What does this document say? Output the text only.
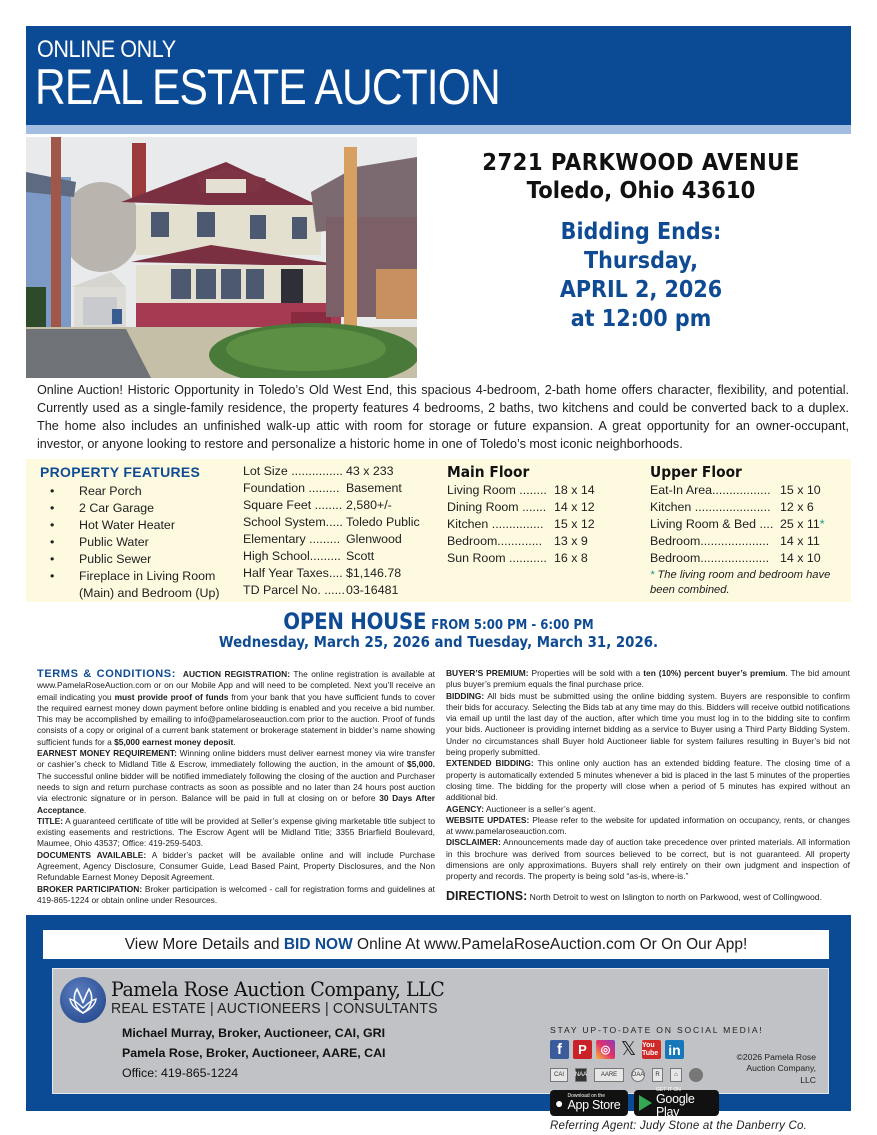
ONLINE ONLY
REAL ESTATE AUCTION
2721 PARKWOOD AVENUE
Toledo, Ohio 43610
Bidding Ends:
Thursday,
APRIL 2, 2026
at 12:00 pm

Online Auction! Historic Opportunity in Toledo’s Old West End, this spacious 4-bedroom, 2-bath home offers character, flexibility, and potential. Currently used as a single-family residence, the property features 4 bedrooms, 2 baths, two kitchens and could be converted back to a duplex. The home also includes an unfinished walk-up attic with room for storage or future expansion. A great opportunity for an owner-occupant, investor, or anyone looking to restore and personalize a historic home in one of Toledo’s most iconic neighborhoods.

PROPERTY FEATURES
• Rear Porch
• 2 Car Garage
• Hot Water Heater
• Public Water
• Public Sewer
• Fireplace in Living Room (Main) and Bedroom (Up)
Lot Size ............... 43 x 233
Foundation ......... Basement
Square Feet ........ 2,580+/-
School System..... Toledo Public
Elementary ......... Glenwood
High School......... Scott
Half Year Taxes.... $1,146.78
TD Parcel No. ...... 03-16481
Main Floor
Living Room ........ 18 x 14
Dining Room ....... 14 x 12
Kitchen ............... 15 x 12
Bedroom............. 13 x 9
Sun Room ........... 16 x 8
Upper Floor
Eat-In Area................. 15 x 10
Kitchen ...................... 12 x 6
Living Room & Bed .... 25 x 11 *
Bedroom.................... 14 x 11
Bedroom.................... 14 x 10
* The living room and bedroom have been combined.
OPEN HOUSE FROM 5:00 PM - 6:00 PM
Wednesday, March 25, 2026 and Tuesday, March 31, 2026.

TERMS & CONDITIONS: AUCTION REGISTRATION: The online registration is available at www.PamelaRoseAuction.com or on our Mobile App and will need to be completed. Next you’ll receive an email indicating you must provide proof of funds from your bank that you have sufficient funds to cover the required earnest money down payment before online bidding is enabled and you receive a bid number. This may be accomplished by emailing to info@pamelaroseauction.com prior to the auction. Proof of funds consists of a copy or original of a current bank statement or brokerage statement in bidder’s name showing sufficient funds for a $5,000 earnest money deposit.

EARNEST MONEY REQUIREMENT: Winning online bidders must deliver earnest money via wire transfer or cashier’s check to Midland Title & Escrow, immediately following the auction, in the amount of $5,000. The successful online bidder will be notified immediately following the closing of the auction and Purchaser needs to sign and return purchase contracts as soon as possible and no later than 24 hours post auction via electronic signature or in person. Balance will be paid in full at closing on or before 30 Days After Acceptance.

TITLE: A guaranteed certificate of title will be provided at Seller’s expense giving marketable title subject to existing easements and restrictions. The Escrow Agent will be Midland Title; 3355 Briarfield Boulevard, Maumee, Ohio 43537; Office: 419-259-5403.

DOCUMENTS AVAILABLE: A bidder’s packet will be available online and will include Purchase Agreement, Agency Disclosure, Consumer Guide, Lead Based Paint, Property Disclosures, and the Non Refundable Earnest Money Deposit Agreement.

BROKER PARTICIPATION: Broker participation is welcomed - call for registration forms and guidelines at 419-865-1224 or obtain online under Resources.

BUYER’S PREMIUM: Properties will be sold with a ten (10%) percent buyer’s premium. The bid amount plus buyer’s premium equals the final purchase price.

BIDDING: All bids must be submitted using the online bidding system. Buyers are responsible to confirm their bids for accuracy. Selecting the Bids tab at any time may do this. Bidders will receive outbid notifications via email up until the last day of the auction, after which time you must log in to the bidding site to confirm your bids. Auctioneer is providing internet bidding as a service to Buyer using a Third Party Bidding System. Under no circumstances shall Buyer hold Auctioneer liable for system failures resulting in Buyer’s bid not being properly submitted.

EXTENDED BIDDING: This online only auction has an extended bidding feature. The closing time of a property is automatically extended 5 minutes whenever a bid is placed in the last 5 minutes of the properties closing time. The bidding for the property will close when a period of 5 minutes has expired without an additional bid.

AGENCY: Auctioneer is a seller’s agent.

WEBSITE UPDATES: Please refer to the website for updated information on occupancy, rents, or changes at www.pamelaroseauction.com.

DISCLAIMER: Announcements made day of auction take precedence over printed materials. All information in this brochure was derived from sources believed to be correct, but is not guaranteed. All property dimensions are only approximations. Buyers shall rely entirely on their own judgment and inspection of property and records. The property is being sold “as-is, where-is.”

DIRECTIONS: North Detroit to west on Islington to north on Parkwood, west of Collingwood.

View More Details and BID NOW Online At www.PamelaRoseAuction.com Or On Our App!
Pamela Rose Auction Company, LLC
REAL ESTATE | AUCTIONEERS | CONSULTANTS
Michael Murray, Broker, Auctioneer, CAI, GRI
Pamela Rose, Broker, Auctioneer, AARE, CAI
Office: 419-865-1224
STAY UP-TO-DATE ON SOCIAL MEDIA!
f	P	◎ 𝕏 You Tube in
CAI	NAA	AARE	OAA	R	⌂	●
● Download on the
App Store
GET IT ON
Google Play
©2026 Pamela Rose Auction Company, LLC
Referring Agent: Judy Stone at the Danberry Co.
